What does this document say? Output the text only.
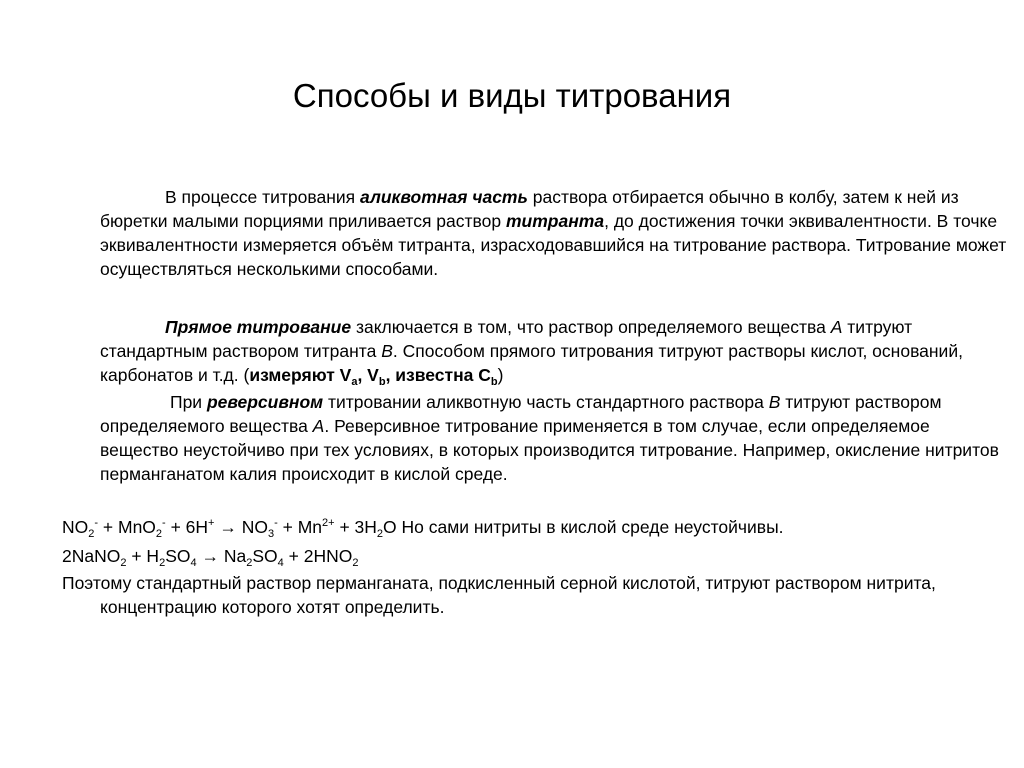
Способы и виды титрования

В процессе титрования аликвотная часть раствора отбирается обычно в колбу, затем к ней из бюретки малыми порциями приливается раствор титранта, до достижения точки эквивалентности. В точке эквивалентности измеряется объём титранта, израсходовавшийся на титрование раствора. Титрование может осуществляться несколькими способами.

Прямое титрование заключается в том, что раствор определяемого вещества А титруют стандартным раствором титранта В. Способом прямого титрования титруют растворы кислот, оснований, карбонатов и т.д. (измеряют $V_a$, $V_b$, известна $С_b$)

При реверсивном титровании аликвотную часть стандартного раствора В титруют раствором определяемого вещества А. Реверсивное титрование применяется в том случае, если определяемое вещество неустойчиво при тех условиях, в которых производится титрование. Например, окисление нитритов перманганатом калия происходит в кислой среде.

$NO_2^- + MnO_2^- + 6H^+ \to NO_3^- + Mn^{2+} + 3H_2O$ Но сами нитриты в кислой среде неустойчивы.

2NaNO$_2$ + $H_2SO_4 \to Na_2SO_4 + 2HNO_2$

Поэтому стандартный раствор перманганата, подкисленный серной кислотой, титруют раствором нитрита, концентрацию которого хотят определить.
